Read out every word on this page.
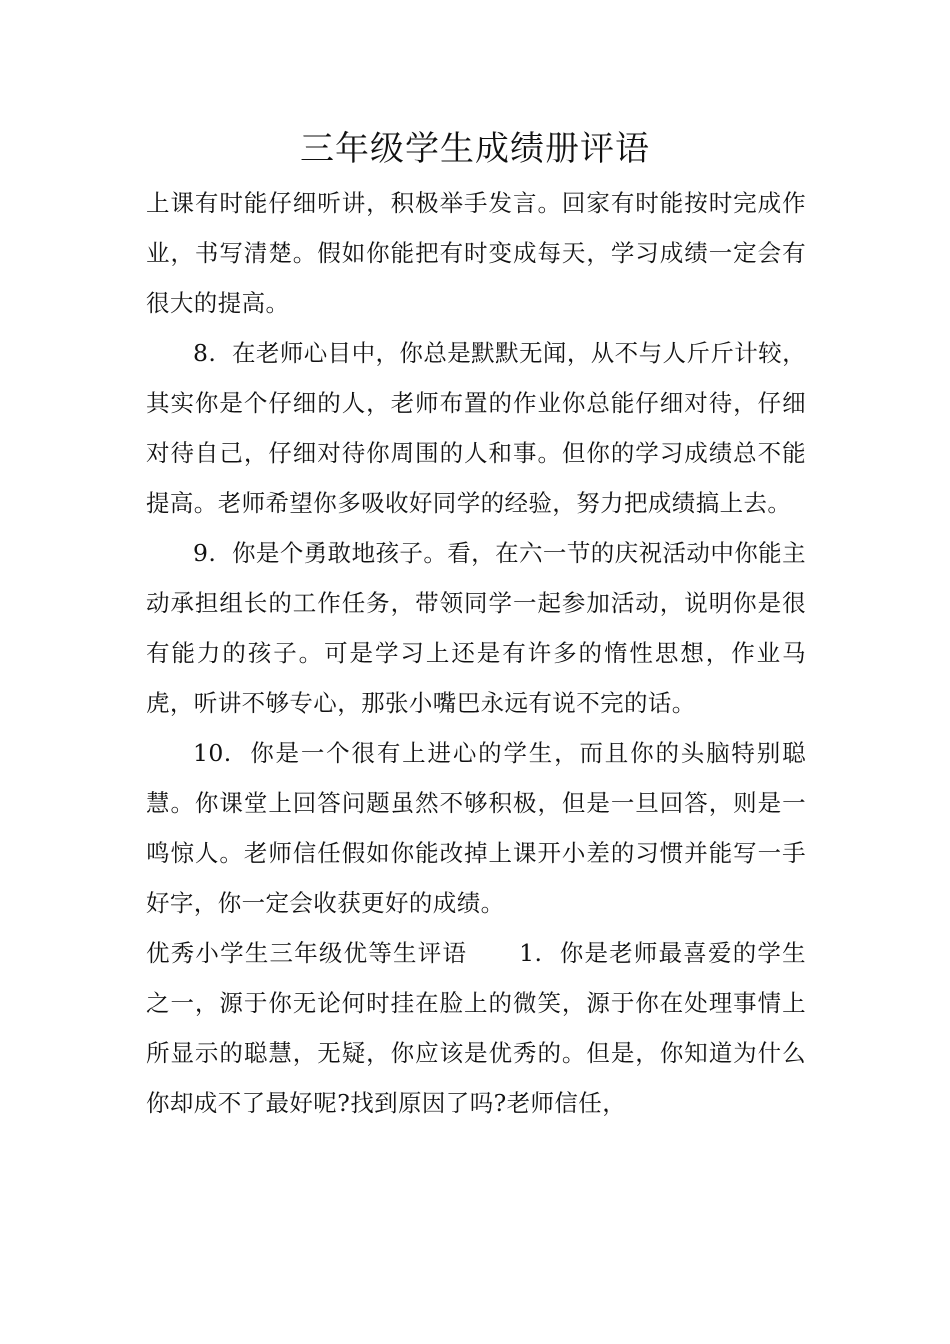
三年级学生成绩册评语

上课有时能仔细听讲，积极举手发言。回家有时能按时完成作业，书写清楚。假如你能把有时变成每天，学习成绩一定会有很大的提高。

8. 在老师心目中，你总是默默无闻，从不与人斤斤计较，其实你是个仔细的人，老师布置的作业你总能仔细对待，仔细对待自己，仔细对待你周围的人和事。但你的学习成绩总不能提高。老师希望你多吸收好同学的经验，努力把成绩搞上去。

9. 你是个勇敢地孩子。看，在六一节的庆祝活动中你能主动承担组长的工作任务，带领同学一起参加活动，说明你是很有能力的孩子。可是学习上还是有许多的惰性思想，作业马虎，听讲不够专心，那张小嘴巴永远有说不完的话。

10. 你是一个很有上进心的学生，而且你的头脑特别聪慧。你课堂上回答问题虽然不够积极，但是一旦回答，则是一鸣惊人。老师信任假如你能改掉上课开小差的习惯并能写一手好字，你一定会收获更好的成绩。

优秀小学生三年级优等生评语 1. 你是老师最喜爱的学生之一，源于你无论何时挂在脸上的微笑，源于你在处理事情上所显示的聪慧，无疑，你应该是优秀的。但是，你知道为什么你却成不了最好呢?找到原因了吗?老师信任，
